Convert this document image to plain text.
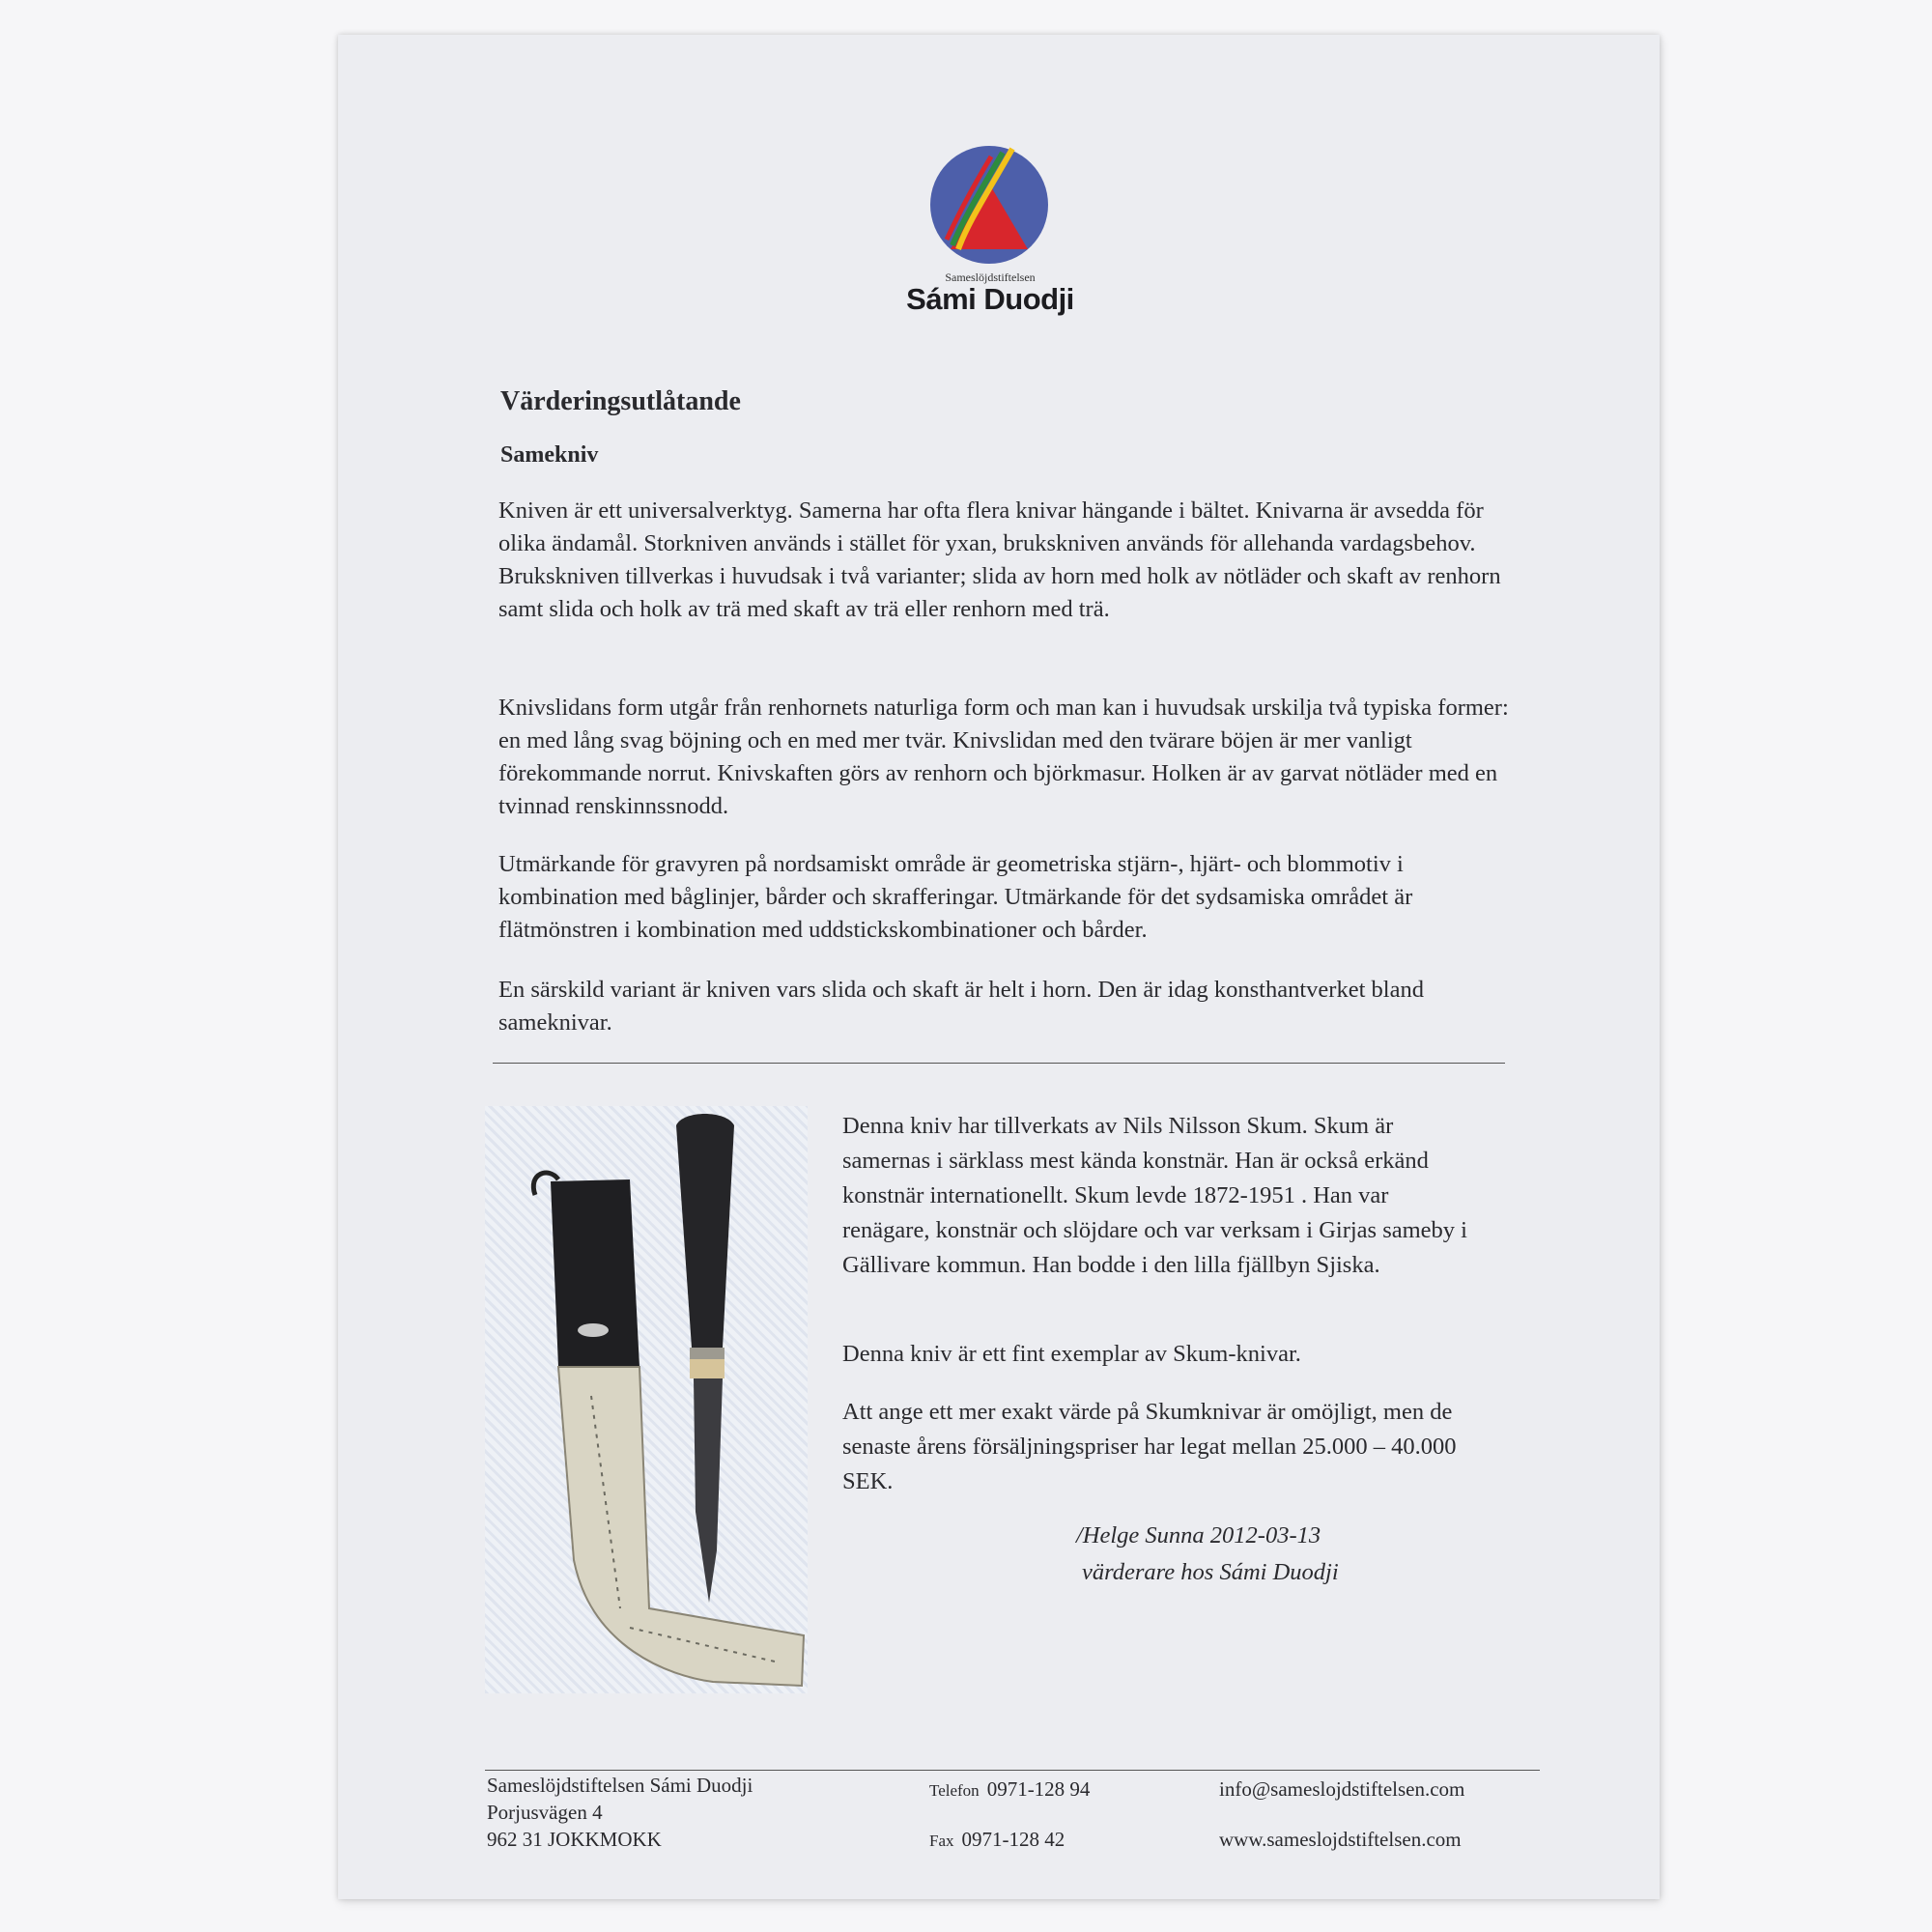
Sameslöjdstiftelsen
Sámi Duodji
Värderingsutlåtande
Samekniv

Kniven är ett universalverktyg. Samerna har ofta flera knivar hängande i bältet. Knivarna är avsedda för olika ändamål. Storkniven används i stället för yxan, brukskniven används för allehanda vardagsbehov. Brukskniven tillverkas i huvudsak i två varianter; slida av horn med holk av nötläder och skaft av renhorn samt slida och holk av trä med skaft av trä eller renhorn med trä.

Knivslidans form utgår från renhornets naturliga form och man kan i huvudsak urskilja två typiska former: en med lång svag böjning och en med mer tvär. Knivslidan med den tvärare böjen är mer vanligt förekommande norrut. Knivskaften görs av renhorn och björkmasur. Holken är av garvat nötläder med en tvinnad renskinnssnodd.

Utmärkande för gravyren på nordsamiskt område är geometriska stjärn-, hjärt- och blommotiv i kombination med båglinjer, bårder och skrafferingar. Utmärkande för det sydsamiska området är flätmönstren i kombination med uddstickskombinationer och bårder.

En särskild variant är kniven vars slida och skaft är helt i horn. Den är idag konsthantverket bland sameknivar.

Denna kniv har tillverkats av Nils Nilsson Skum. Skum är samernas i särklass mest kända konstnär. Han är också erkänd konstnär internationellt. Skum levde 1872-1951 . Han var renägare, konstnär och slöjdare och var verksam i Girjas sameby i Gällivare kommun. Han bodde i den lilla fjällbyn Sjiska.

Denna kniv är ett fint exemplar av Skum-knivar.

Att ange ett mer exakt värde på Skumknivar är omöjligt, men de senaste årens försäljningspriser har legat mellan 25.000 – 40.000 SEK.

/Helge Sunna 2012-03-13
värderare hos Sámi Duodji
Sameslöjdstiftelsen Sámi Duodji
Porjusvägen 4
962 31 JOKKMOKK
Telefon 0971-128 94
Fax 0971-128 42
info@sameslojdstiftelsen.com
www.sameslojdstiftelsen.com
